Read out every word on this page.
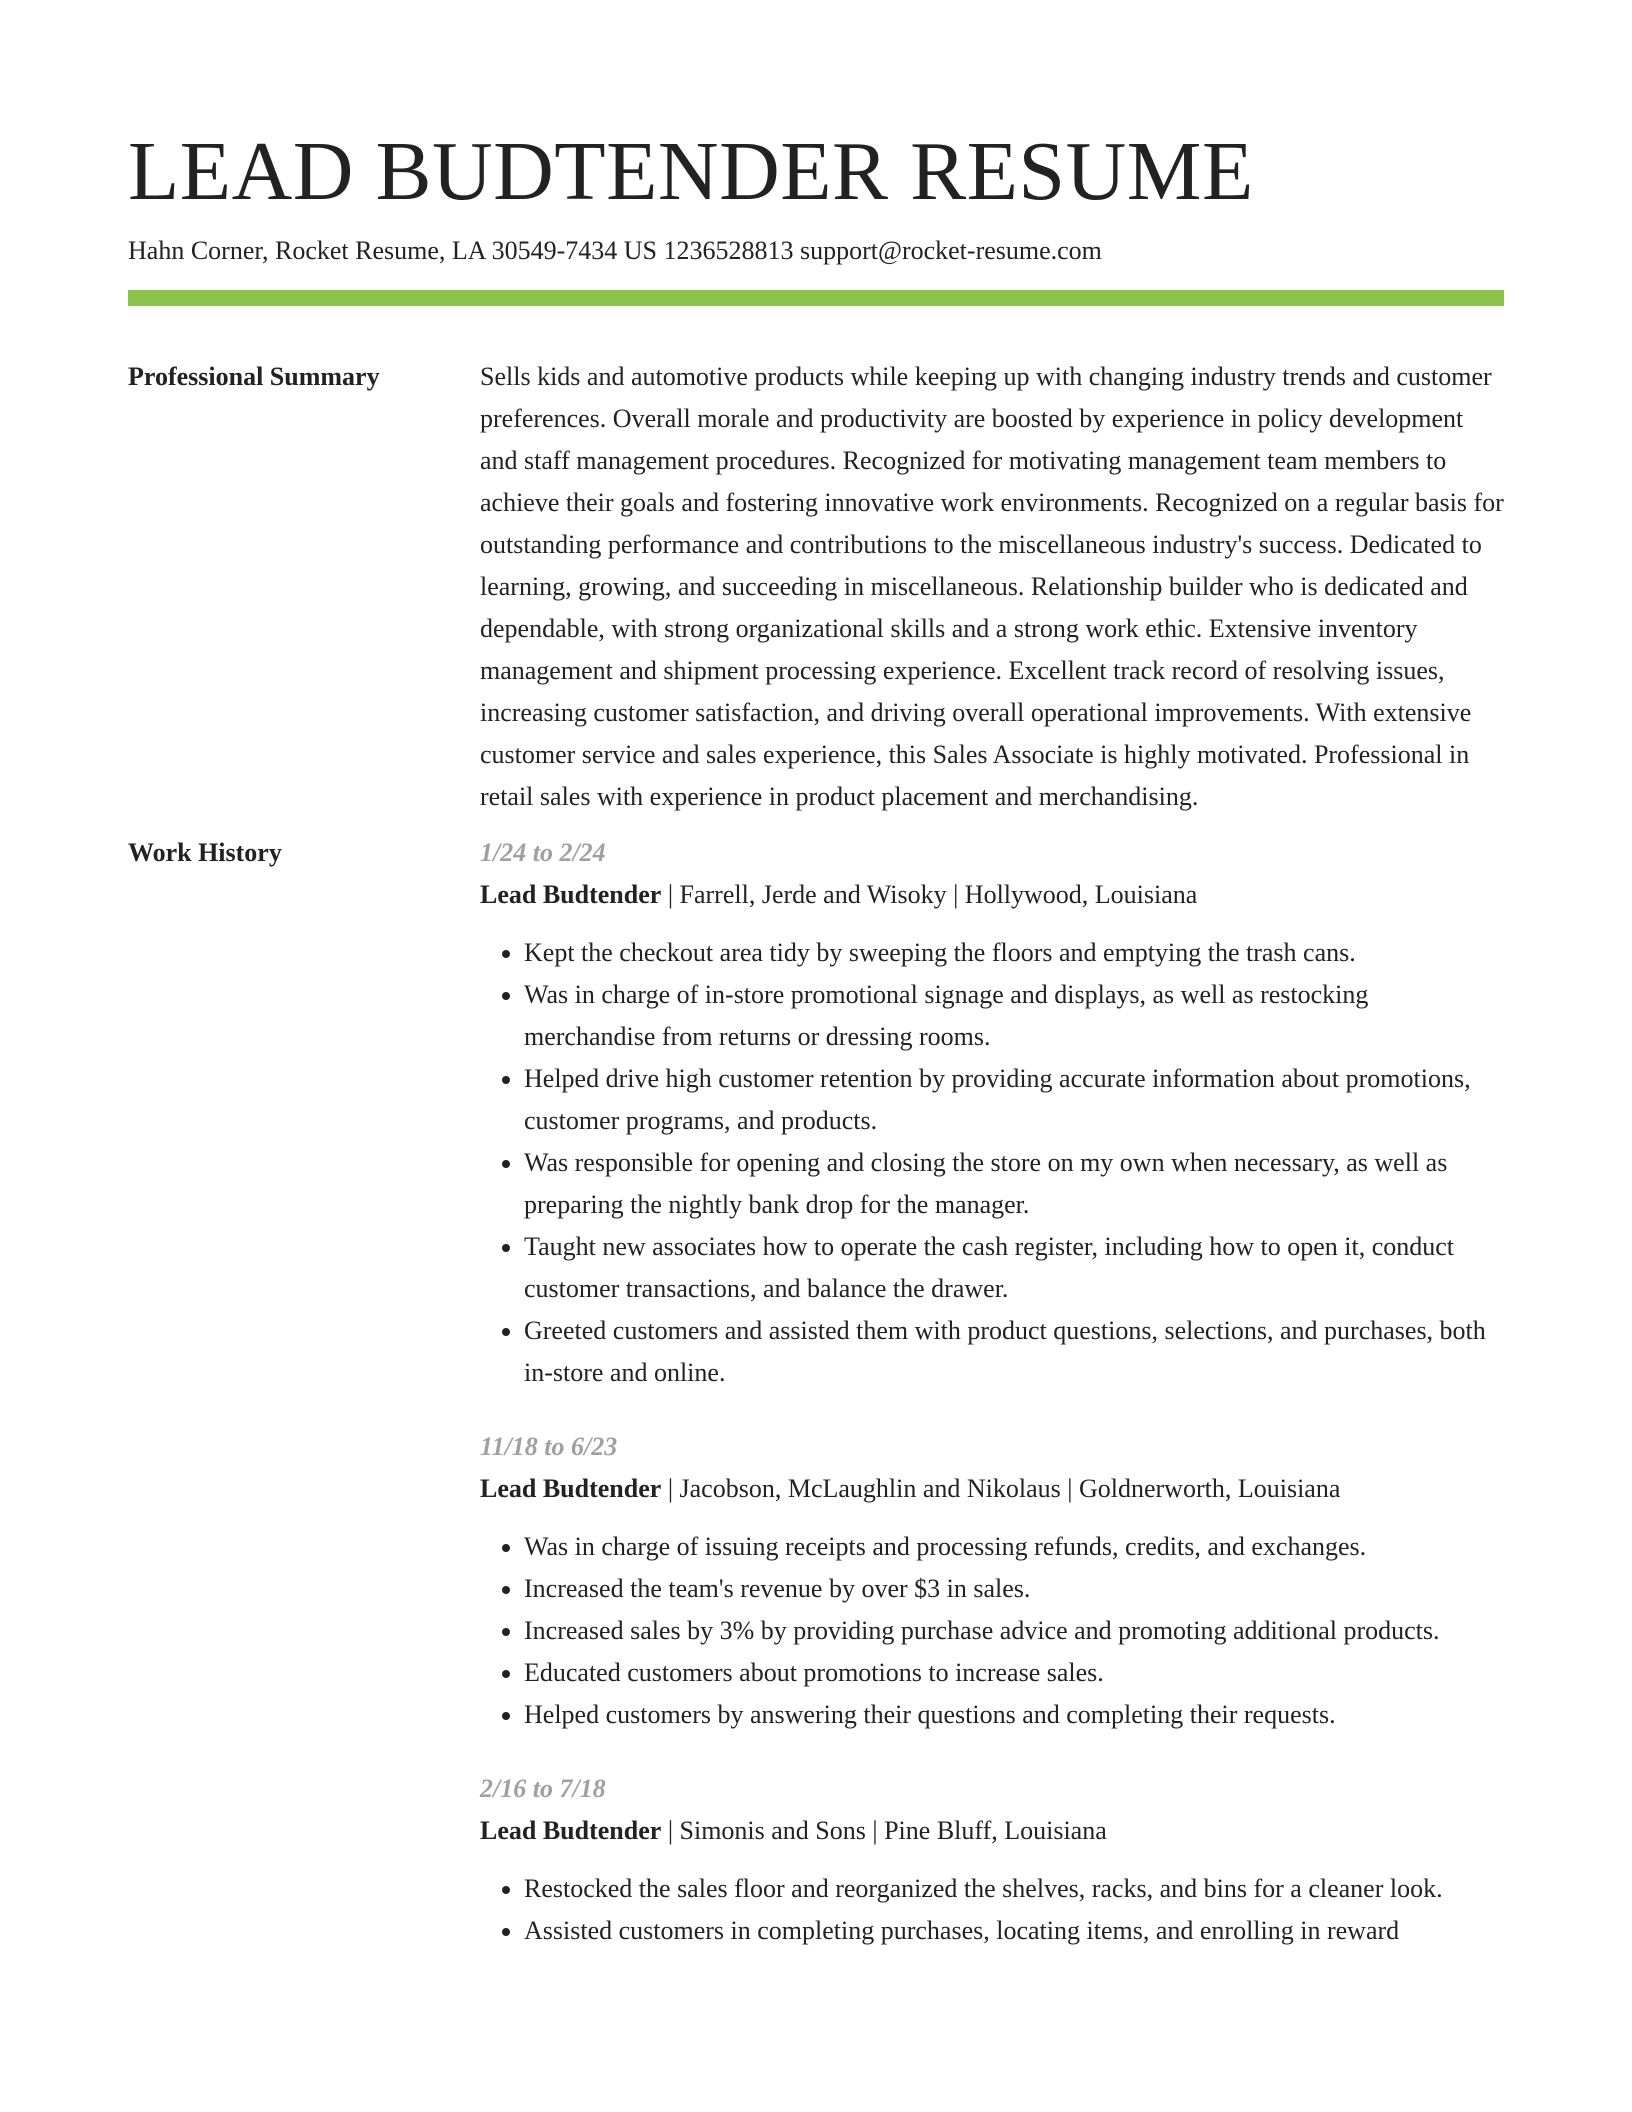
LEAD BUDTENDER RESUME
Hahn Corner, Rocket Resume, LA 30549-7434 US 1236528813 support@rocket-resume.com
Professional Summary	Sells kids and automotive products while keeping up with changing industry trends and customer preferences. Overall morale and productivity are boosted by experience in policy development and staff management procedures. Recognized for motivating management team members to achieve their goals and fostering innovative work environments. Recognized on a regular basis for outstanding performance and contributions to the miscellaneous industry's success. Dedicated to learning, growing, and succeeding in miscellaneous. Relationship builder who is dedicated and dependable, with strong organizational skills and a strong work ethic. Extensive inventory management and shipment processing experience. Excellent track record of resolving issues, increasing customer satisfaction, and driving overall operational improvements. With extensive customer service and sales experience, this Sales Associate is highly motivated. Professional in retail sales with experience in product placement and merchandising.
Work History	1/24 to 2/24
Lead Budtender | Farrell, Jerde and Wisoky | Hollywood, Louisiana
• Kept the checkout area tidy by sweeping the floors and emptying the trash cans.
• Was in charge of in-store promotional signage and displays, as well as restocking merchandise from returns or dressing rooms.
• Helped drive high customer retention by providing accurate information about promotions, customer programs, and products.
• Was responsible for opening and closing the store on my own when necessary, as well as preparing the nightly bank drop for the manager.
• Taught new associates how to operate the cash register, including how to open it, conduct customer transactions, and balance the drawer.
• Greeted customers and assisted them with product questions, selections, and purchases, both in-store and online.
11/18 to 6/23
Lead Budtender | Jacobson, McLaughlin and Nikolaus | Goldnerworth, Louisiana
• Was in charge of issuing receipts and processing refunds, credits, and exchanges.
• Increased the team's revenue by over $3 in sales.
• Increased sales by 3% by providing purchase advice and promoting additional products.
• Educated customers about promotions to increase sales.
• Helped customers by answering their questions and completing their requests.
2/16 to 7/18
Lead Budtender | Simonis and Sons | Pine Bluff, Louisiana
• Restocked the sales floor and reorganized the shelves, racks, and bins for a cleaner look.
• Assisted customers in completing purchases, locating items, and enrolling in reward
